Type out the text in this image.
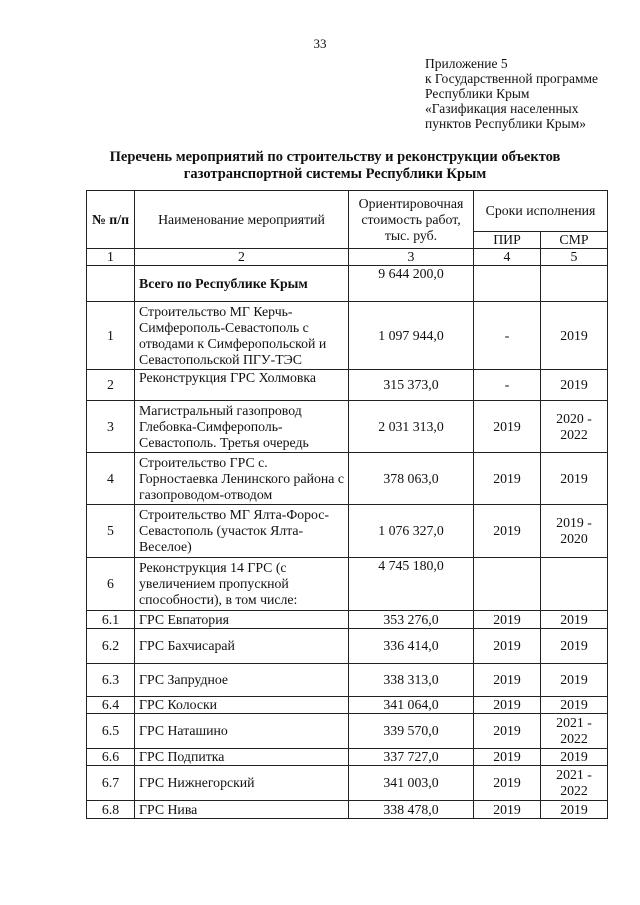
33
Приложение 5
к Государственной программе
Республики Крым
«Газификация населенных
пунктов Республики Крым»
Перечень мероприятий по строительству и реконструкции объектов
газотранспортной системы Республики Крым
№ п/п	Наименование мероприятий	Ориентировочная стоимость работ, тыс. руб.	Сроки исполнения	
			ПИР	СМР
1	2	3	4	5
	Всего по Республике Крым	9 644 200,0		
1	Строительство МГ Керчь-Симферополь-Севастополь с отводами к Симферопольской и Севастопольской ПГУ-ТЭС	1 097 944,0	-	2019
2	Реконструкция ГРС Холмовка	315 373,0	-	2019
3	Магистральный газопровод Глебовка-Симферополь-Севастополь. Третья очередь	2 031 313,0	2019	2020 - 2022
4	Строительство ГРС с. Горностаевка Ленинского района с газопроводом-отводом	378 063,0	2019	2019
5	Строительство МГ Ялта-Форос-Севастополь (участок Ялта-Веселое)	1 076 327,0	2019	2019 - 2020
6	Реконструкция 14 ГРС (с увеличением пропускной способности), в том числе:	4 745 180,0		
6.1	ГРС Евпатория	353 276,0	2019	2019
6.2	ГРС Бахчисарай	336 414,0	2019	2019
6.3	ГРС Запрудное	338 313,0	2019	2019
6.4	ГРС Колоски	341 064,0	2019	2019
6.5	ГРС Наташино	339 570,0	2019	2021 - 2022
6.6	ГРС Подпитка	337 727,0	2019	2019
6.7	ГРС Нижнегорский	341 003,0	2019	2021 - 2022
6.8	ГРС Нива	338 478,0	2019	2019
